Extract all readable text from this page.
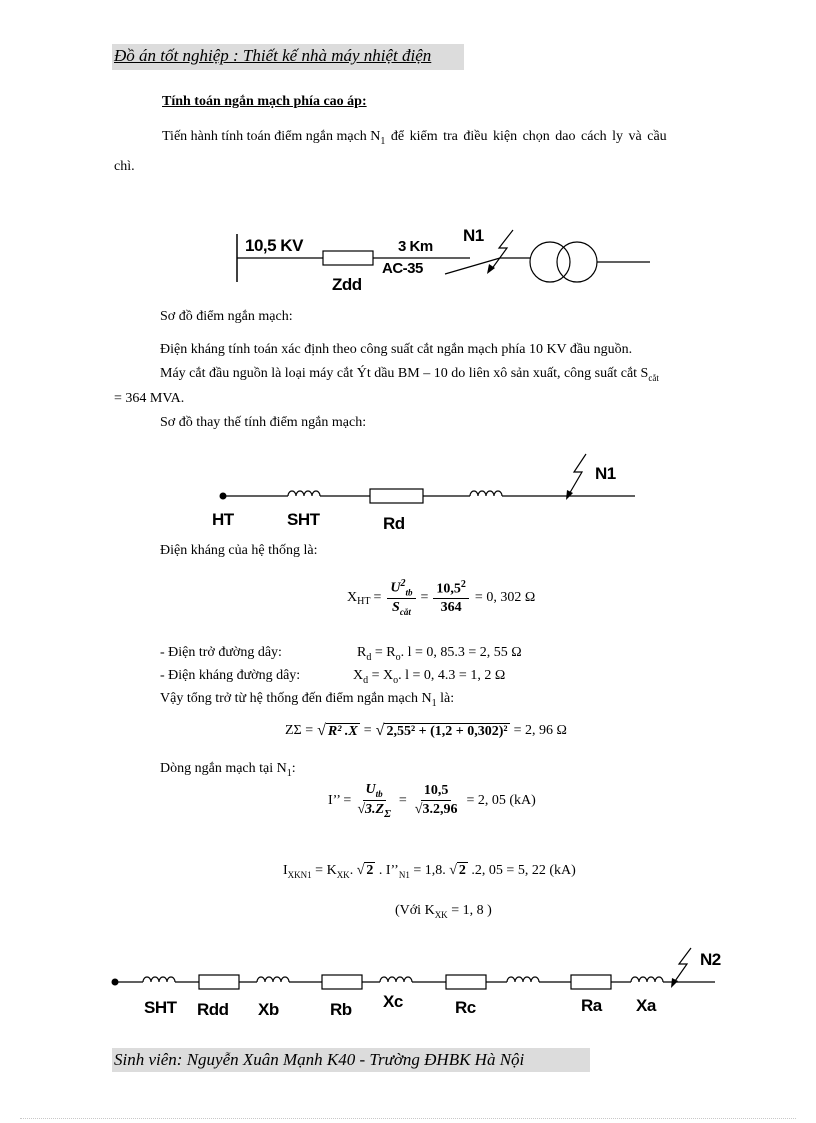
Đồ án tốt nghiệp : Thiết kế nhà máy nhiệt điện
Tính toán ngắn mạch phía cao áp:
Tiến hành tính toán điểm ngắn mạch $N_1$ để kiểm tra điều kiện chọn dao cách ly và cầu
chì.
10,5 KV	3 Km
AC-35
N1
Zdd
Sơ đồ điểm ngắn mạch:
Điện kháng tính toán xác định theo công suất cắt ngắn mạch phía 10 KV đầu nguồn.
Máy cắt đầu nguồn là loại máy cắt Ýt dầu BM – 10 do liên xô sản xuất, công suất cắt $S_{cắt}$
= 364 MVA.
Sơ đồ thay thế tính điểm ngắn mạch:
N1
HT	SHT	Rd
Điện kháng của hệ thống là:
$X_{HT} = \frac{U^2_{tb}}{S_{cắt}} = \frac{10,5^2}{364} = 0$, 302 Ω
- Điện trở đường dây:	$R_d = R_o$. l = 0, 85.3 = 2, 55 Ω
- Điện kháng đường dây:	$X_d = X_o$. l = 0, 4.3 = 1, 2 Ω
Vậy tổng trở từ hệ thống đến điểm ngắn mạch $N_1$ là:
ZΣ = √ R² .X = √ 2,55² + (1,2 + 0,302)² = 2, 96 Ω
Dòng ngắn mạch tại $N_1$:
I’’ = $\frac{U_{tb}}{√3.Z_\Sigma} = \frac{10,5}{√3.2,96} = 2$, 05 (kA)
$I_{XKN1} = K_{XK}$. √ 2 . $I’’_{N1} = 1,8$. √ 2 .2, 05 = 5, 22 (kA)
(Với $K_{XK} = 1$, 8 )
N2
SHT Rdd Xb	Rb Xc	Rc	Ra Xa
Sinh viên: Nguyễn Xuân Mạnh K40 - Trường ĐHBK Hà Nội
